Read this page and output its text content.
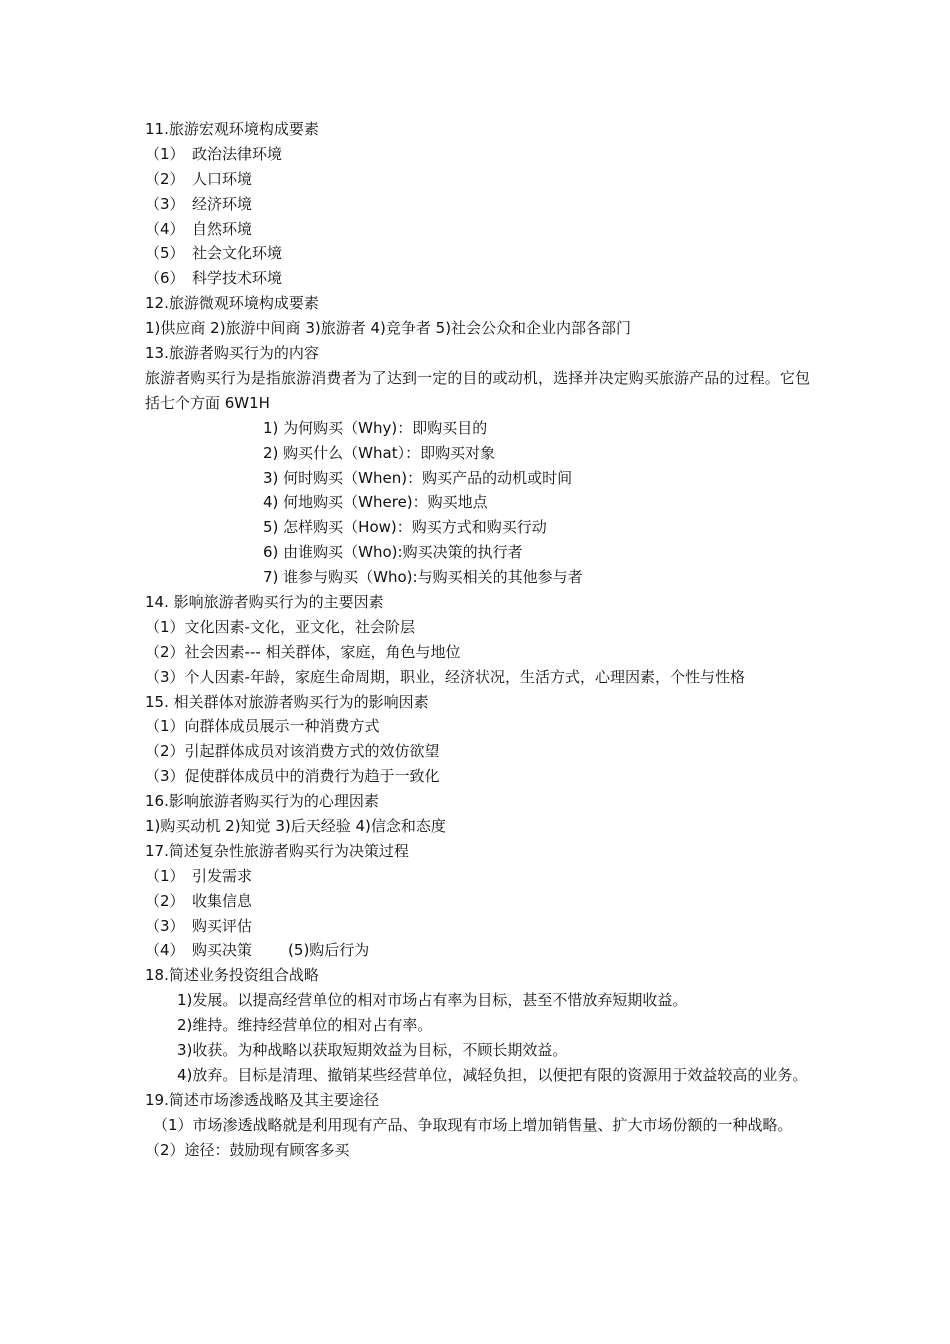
11.旅游宏观环境构成要素
（1）　政治法律环境
（2）　人口环境
（3）　经济环境
（4）　自然环境
（5）　社会文化环境
（6）　科学技术环境
12.旅游微观环境构成要素
1)供应商 2)旅游中间商 3)旅游者 4)竞争者 5)社会公众和企业内部各部门
13.旅游者购买行为的内容
旅游者购买行为是指旅游消费者为了达到一定的目的或动机，选择并决定购买旅游产品的过程。它包括七个方面 6W1H
1) 为何购买（Why)：即购买目的
2) 购买什么（What）：即购买对象
3) 何时购买（When)：购买产品的动机或时间
4) 何地购买（Where)：购买地点
5) 怎样购买（How)：购买方式和购买行动
6) 由谁购买（Who):购买决策的执行者
7) 谁参与购买（Who):与购买相关的其他参与者
14. 影响旅游者购买行为的主要因素
（1）文化因素-文化，亚文化，社会阶层
（2）社会因素--- 相关群体，家庭，角色与地位
（3）个人因素-年龄，家庭生命周期，职业，经济状况，生活方式，心理因素，个性与性格
15. 相关群体对旅游者购买行为的影响因素
（1）向群体成员展示一种消费方式
（2）引起群体成员对该消费方式的效仿欲望
（3）促使群体成员中的消费行为趋于一致化
16.影响旅游者购买行为的心理因素
1)购买动机 2)知觉 3)后天经验 4)信念和态度
17.简述复杂性旅游者购买行为决策过程
（1）　引发需求
（2）　收集信息
（3）　购买评估
（4）　购买决策 (5)购后行为
18.简述业务投资组合战略
1)发展。以提高经营单位的相对市场占有率为目标，甚至不惜放弃短期收益。
2)维持。维持经营单位的相对占有率。
3)收获。为种战略以获取短期效益为目标，不顾长期效益。
4)放弃。目标是清理、撤销某些经营单位，减轻负担，以便把有限的资源用于效益较高的业务。
19.简述市场渗透战略及其主要途径
（1）市场渗透战略就是利用现有产品、争取现有市场上增加销售量、扩大市场份额的一种战略。
（2）途径：鼓励现有顾客多买
